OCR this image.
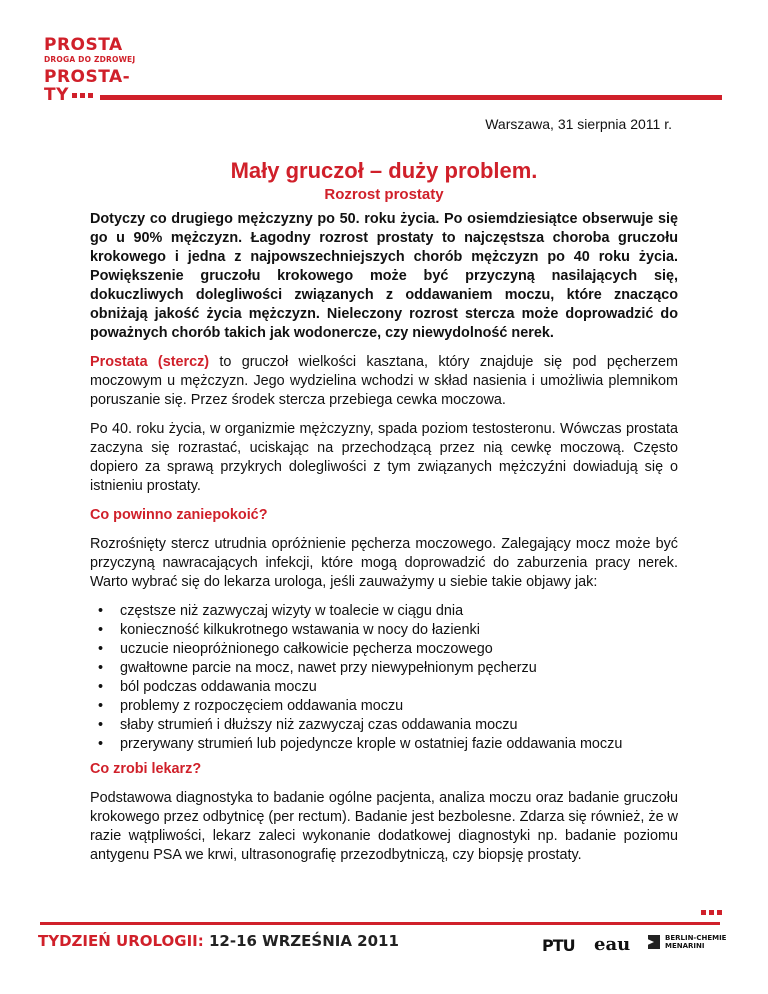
PROSTA
DROGA DO ZDROWEJ
PROSTA-
TY
Warszawa, 31 sierpnia 2011 r.
Mały gruczoł – duży problem.
Rozrost prostaty

Dotyczy co drugiego mężczyzny po 50. roku życia. Po osiemdziesiątce obserwuje się go u 90% mężczyzn. Łagodny rozrost prostaty to najczęstsza choroba gruczołu krokowego i jedna z najpowszechniejszych chorób mężczyzn po 40 roku życia. Powiększenie gruczołu krokowego może być przyczyną nasilających się, dokuczliwych dolegliwości związanych z oddawaniem moczu, które znacząco obniżają jakość życia mężczyzn. Nieleczony rozrost stercza może doprowadzić do poważnych chorób takich jak wodonercze, czy niewydolność nerek.

Prostata (stercz) to gruczoł wielkości kasztana, który znajduje się pod pęcherzem moczowym u mężczyzn. Jego wydzielina wchodzi w skład nasienia i umożliwia plemnikom poruszanie się. Przez środek stercza przebiega cewka moczowa.

Po 40. roku życia, w organizmie mężczyzny, spada poziom testosteronu. Wówczas prostata zaczyna się rozrastać, uciskając na przechodzącą przez nią cewkę moczową. Często dopiero za sprawą przykrych dolegliwości z tym związanych mężczyźni dowiadują się o istnieniu prostaty.

Co powinno zaniepokoić?

Rozrośnięty stercz utrudnia opróżnienie pęcherza moczowego. Zalegający mocz może być przyczyną nawracających infekcji, które mogą doprowadzić do zaburzenia pracy nerek. Warto wybrać się do lekarza urologa, jeśli zauważymy u siebie takie objawy jak:

• częstsze niż zazwyczaj wizyty w toalecie w ciągu dnia
• konieczność kilkukrotnego wstawania w nocy do łazienki
• uczucie nieopróżnionego całkowicie pęcherza moczowego
• gwałtowne parcie na mocz, nawet przy niewypełnionym pęcherzu
• ból podczas oddawania moczu
• problemy z rozpoczęciem oddawania moczu
• słaby strumień i dłuższy niż zazwyczaj czas oddawania moczu
• przerywany strumień lub pojedyncze krople w ostatniej fazie oddawania moczu
Co zrobi lekarz?

Podstawowa diagnostyka to badanie ogólne pacjenta, analiza moczu oraz badanie gruczołu krokowego przez odbytnicę (per rectum). Badanie jest bezbolesne. Zdarza się również, że w razie wątpliwości, lekarz zaleci wykonanie dodatkowej diagnostyki np. badanie poziomu antygenu PSA we krwi, ultrasonografię przezodbytniczą, czy biopsję prostaty.

TYDZIEŃ UROLOGII: 12-16 WRZEŚNIA 2011	PTU eau	BERLIN-CHEMIE
MENARINI
